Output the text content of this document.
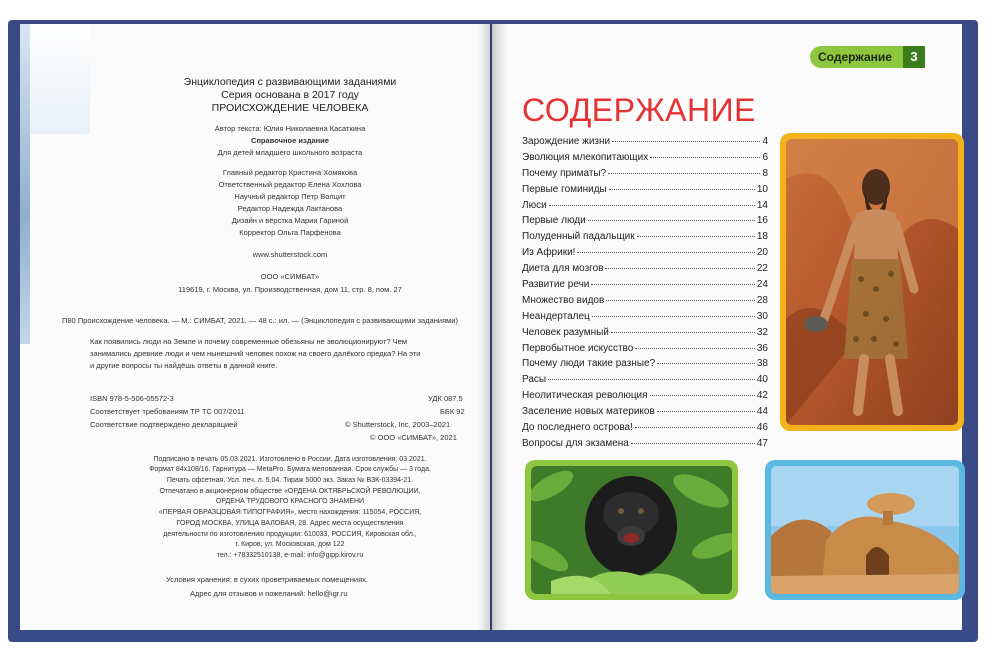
Энциклопедия с развивающими заданиями
Серия основана в 2017 году
ПРОИСХОЖДЕНИЕ ЧЕЛОВЕКА
Автор текста: Юлия Николаевна Касаткина
Справочное издание
Для детей младшего школьного возраста
Главный редактор Кристина Хомякова
Ответственный редактор Елена Хохлова
Научный редактор Петр Волцит
Редактор Надежда Лактанова
Дизайн и вёрстка Марии Гариной
Корректор Ольга Парфенова
www.shutterstock.com
ООО «СИМБАТ»
119619, г. Москва, ул. Производственная, дом 11, стр. 8, пом. 27
П80 Происхождение человека. — М.: СИМБАТ, 2021. — 48 с.: ил. — (Энциклопедия с развивающими заданиями)
Как появились люди на Земле и почему современные обезьяны не эволюционируют? Чем
занимались древние люди и чем нынешний человек похож на своего далёкого предка? На эти
и другие вопросы ты найдёшь ответы в данной книге.
ISBN 978-5-506-05572-3	УДК 087.5
Соответствует требованиям ТР ТС 007/2011	ББК 92
Соответствие подтверждено декларацией	© Shutterstock, Inc, 2003–2021
© ООО «СИМБАТ», 2021
Подписано в печать 05.03.2021. Изготовлено в России. Дата изготовления: 03.2021.
Формат 84х108/16. Гарнитура — MetaPro. Бумага мелованная. Срок службы — 3 года.
Печать офсетная. Усл. печ. л. 5,04. Тираж 5000 экз. Заказ № ВЗК-03394-21.
Отпечатано в акционерном обществе «ОРДЕНА ОКТЯБРЬСКОЙ РЕВОЛЮЦИИ,
ОРДЕНА ТРУДОВОГО КРАСНОГО ЗНАМЕНИ
«ПЕРВАЯ ОБРАЗЦОВАЯ ТИПОГРАФИЯ», место нахождения: 115054, РОССИЯ,
ГОРОД МОСКВА, УЛИЦА ВАЛОВАЯ, 28. Адрес места осуществления
деятельности по изготовлению продукции: 610033, РОССИЯ, Кировская обл.,
г. Киров, ул. Московская, дом 122
тел.: +78332510138, e-mail: info@gipp.kirov.ru
Условия хранения: в сухих проветриваемых помещениях.
Адрес для отзывов и пожеланий: hello@igr.ru
Содержание	3
СОДЕРЖАНИЕ
Зарождение жизни	4
Эволюция млекопитающих	6
Почему приматы?	8
Первые гоминиды	10
Люси	14
Первые люди	16
Полуденный падальщик	18
Из Африки!	20
Диета для мозгов	22
Развитие речи	24
Множество видов	28
Неандерталец	30
Человек разумный	32
Первобытное искусство	36
Почему люди такие разные?	38
Расы	40
Неолитическая революция	42
Заселение новых материков	44
До последнего острова!	46
Вопросы для экзамена	47
